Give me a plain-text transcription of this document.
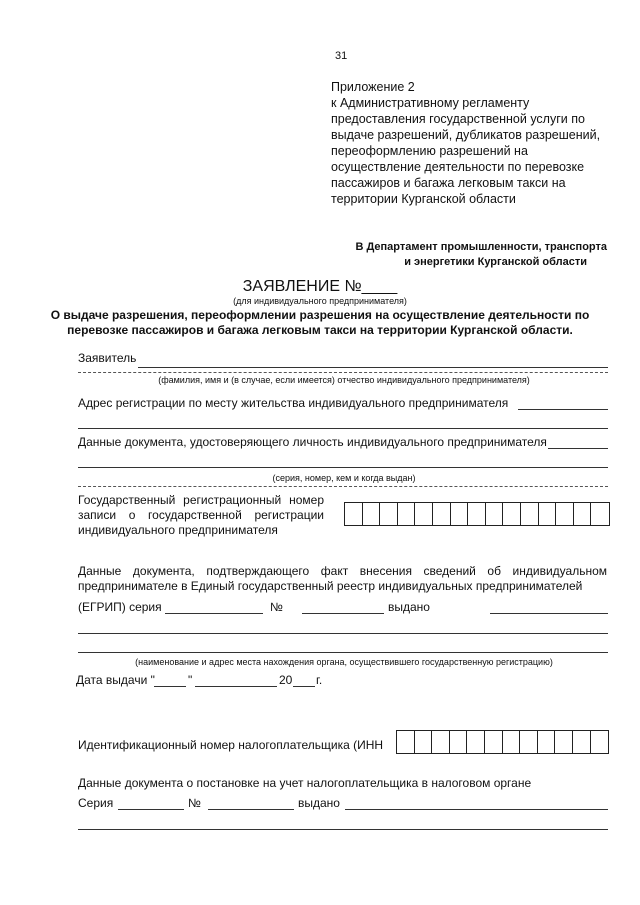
31
Приложение 2
к Административному регламенту
предоставления государственной услуги по
выдаче разрешений, дубликатов разрешений,
переоформлению разрешений на
осуществление деятельности по перевозке
пассажиров и багажа легковым такси на
территории Курганской области
В Департамент промышленности, транспорта
и энергетики Курганской области
ЗАЯВЛЕНИЕ №____
(для индивидуального предпринимателя)
О выдаче разрешения, переоформлении разрешения на осуществление деятельности по
перевозке пассажиров и багажа легковым такси на территории Курганской области.
Заявитель
(фамилия, имя и (в случае, если имеется) отчество индивидуального предпринимателя)
Адрес регистрации по месту жительства индивидуального предпринимателя
Данные документа, удостоверяющего личность индивидуального предпринимателя
(серия, номер, кем и когда выдан)
Государственный регистрационный номер
записи о государственной регистрации
индивидуального предпринимателя
Данные документа, подтверждающего факт внесения сведений об индивидуальном
предпринимателе в Единый государственный реестр индивидуальных предпринимателей
(ЕГРИП) серия	№	выдано
(наименование и адрес места нахождения органа, осуществившего государственную регистрацию)
Дата выдачи "	"	20 г.
Идентификационный номер налогоплательщика (ИНН
Данные документа о постановке на учет налогоплательщика в налоговом органе
Серия	№	выдано
